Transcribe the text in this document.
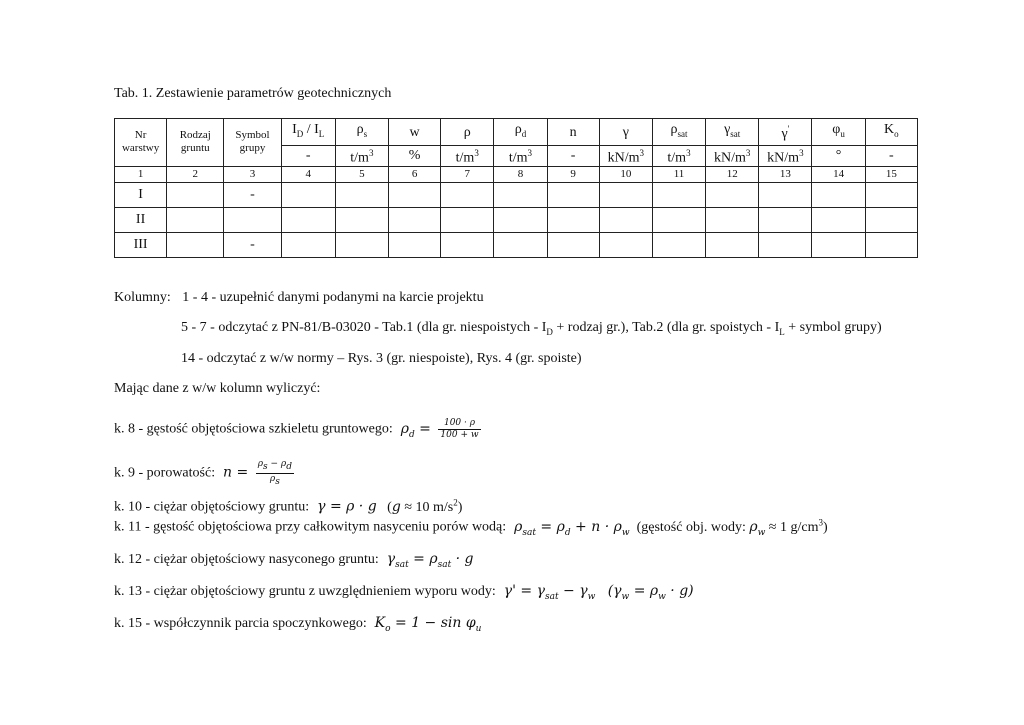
Tab. 1. Zestawienie parametrów geotechnicznych
Nr warstwy	Rodzaj gruntu	Symbol grupy	$I_D / I_L$	$\rho_s$	w	ρ	$\rho_d$	n	γ	$\rho_{sat}$	$\gamma_{sat}$	γ'	$\varphi_u$	$K_o$
			-	$t/m^3$	%	$t/m^3$	$t/m^3$	-	$kN/m^3$	$t/m^3$	$kN/m^3$	$kN/m^3$	°	-
1	2	3	4	5	6	7	8	9	10	11	12	13	14	15
I		-												
II														
III		-												
Kolumny: 1 - 4 - uzupełnić danymi podanymi na karcie projektu
5 - 7 - odczytać z PN-81/B-03020 - Tab.1 (dla gr. niespoistych - $I_D$ + rodzaj gr.), Tab.2 (dla gr. spoistych - $I_L$ + symbol grupy)
14 - odczytać z w/w normy – Rys. 3 (gr. niespoiste), Rys. 4 (gr. spoiste)
Mając dane z w/w kolumn wyliczyć:
k. 8 - gęstość objętościowa szkieletu gruntowego:  $\rho_d = \frac{100 \cdot \rho}{100 + w}$
k. 9 - porowatość:  $n = \frac{\rho_s - \rho_d}{\rho_s}$
k. 10 - ciężar objętościowy gruntu:  γ = ρ · g   (g ≈ 10 $m/s^2$)
k. 11 - gęstość objętościowa przy całkowitym nasyceniu porów wodą:  $\rho_{sat} = \rho_d + n \cdot \rho_w$  (gęstość obj. wody: $\rho_w \approx 1$ $g/cm^3$)
k. 12 - ciężar objętościowy nasyconego gruntu:  $\gamma_{sat} = \rho_{sat} \cdot g$
k. 13 - ciężar objętościowy gruntu z uwzględnieniem wyporu wody:  $\gamma' = \gamma_{sat} - \gamma_w$   $(\gamma_w = \rho_w \cdot g)$
k. 15 - współczynnik parcia spoczynkowego:  $K_o = 1 - \sin \varphi_u$
